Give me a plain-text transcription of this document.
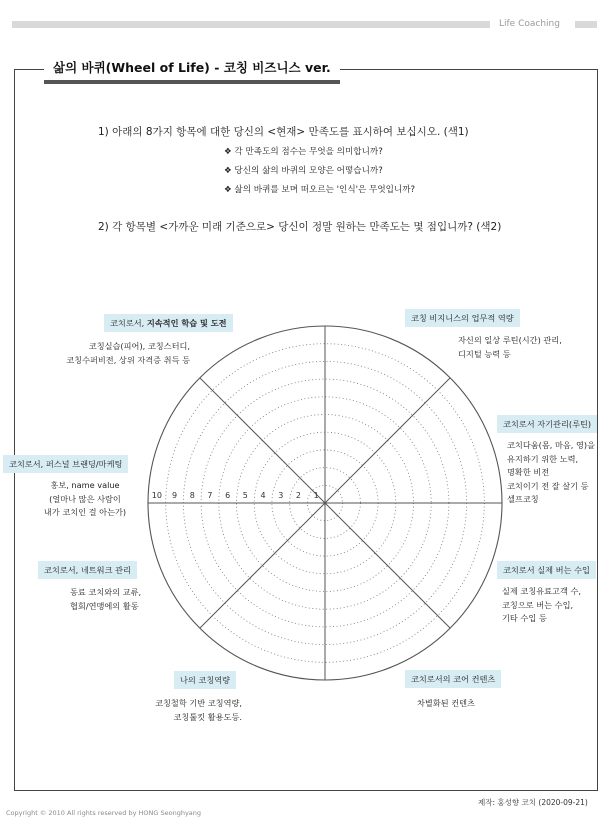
Life Coaching
삶의 바퀴(Wheel of Life) - 코칭 비즈니스 ver.
1) 아래의 8가지 항목에 대한 당신의 <현재> 만족도를 표시하여 보십시오. (색1)
❖ 각 만족도의 점수는 무엇을 의미합니까?
❖ 당신의 삶의 바퀴의 모양은 어떻습니까?
❖ 삶의 바퀴를 보며 떠오르는 '인식'은 무엇입니까?
2) 각 항목별 <가까운 미래 기준으로> 당신이 정말 원하는 만족도는 몇 점입니까? (색2)
10 9 8 7 6 5 4 3 2 1
코치로서, 지속적인 학습 및 도전
코칭실습(피어), 코칭스터디,
코칭수퍼비전, 상위 자격증 취득 등
코칭 비지니스의 업무적 역량
자신의 일상 루틴(시간) 관리,
디지털 능력 등
코치로서 자기관리(루틴)
코치다움(몸, 마음, 영)을
유지하기 위한 노력,
명확한 비전
코치이기 전 잘 살기 등
셀프코칭
코치로서, 퍼스널 브랜딩/마케팅
홍보, name value
(얼마나 많은 사람이
내가 코치인 걸 아는가)
코치로서, 네트워크 관리
동료 코치와의 교류,
협회/연맹에의 활동
코치로서 실제 버는 수입
실제 코칭유료고객 수,
코칭으로 버는 수입,
기타 수입 등
나의 코칭역량
코칭철학 기반 코칭역량,
코칭툴킷 활용도등.
코치로서의 코어 컨텐츠
차별화된 컨텐츠
제작: 홍성향 코치 (2020-09-21)
Copyright © 2010 All rights reserved by HONG Seonghyang
